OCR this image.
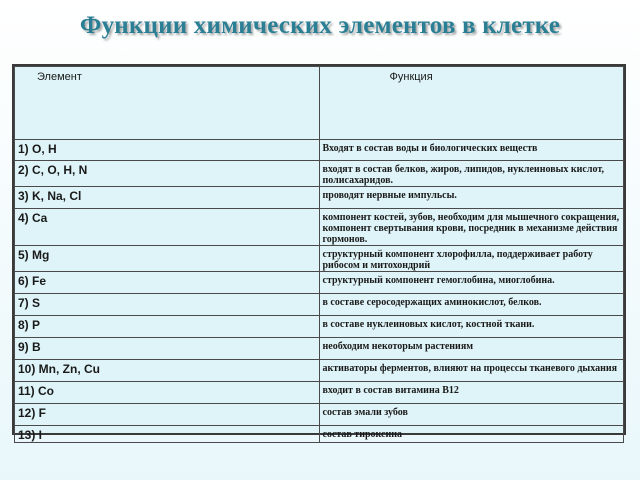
Функции химических элементов в клетке
Элемент	Функция
1) O, H	Входят в состав воды и биологических веществ
2) C, O, H, N	входят в состав белков, жиров, липидов, нуклеиновых кислот, полисахаридов.
3) K, Na, Cl	проводят нервные импульсы.
4) Ca	компонент костей, зубов, необходим для мышечного сокращения, компонент свертывания крови, посредник в механизме действия гормонов.
5) Mg	структурный компонент хлорофилла, поддерживает работу рибосом и митохондрий
6) Fe	структурный компонент гемоглобина, миоглобина.
7) S	в составе серосодержащих аминокислот, белков.
8) P	в составе нуклеиновых кислот, костной ткани.
9) B	необходим некоторым растениям
10) Mn, Zn, Cu	активаторы ферментов, влияют на процессы тканевого дыхания
11) Co	входит в состав витамина В12
12) F	состав эмали зубов
13) I	состав тироксина
